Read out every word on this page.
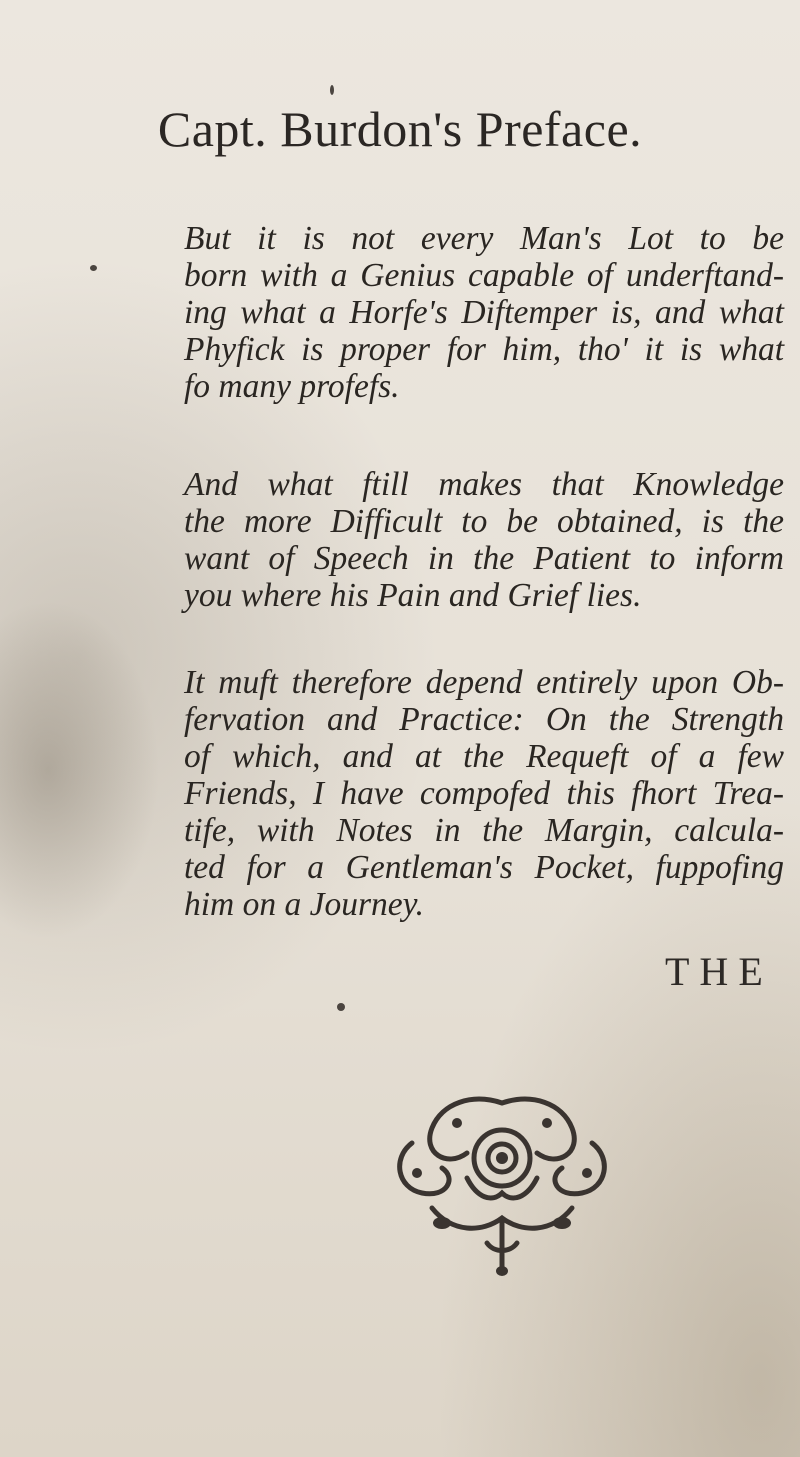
Capt. Burdon's Preface.
But it is not every Man's Lot to be
born with a Genius capable of underftand-
ing what a Horfe's Diftemper is, and what
Phyfick is proper for him, tho' it is what
fo many profefs.
And what ftill makes that Knowledge
the more Difficult to be obtained, is the
want of Speech in the Patient to inform
you where his Pain and Grief lies.
It muft therefore depend entirely upon Ob-
fervation and Practice: On the Strength
of which, and at the Requeft of a few
Friends, I have compofed this fhort Trea-
tife, with Notes in the Margin, calcula-
ted for a Gentleman's Pocket, fuppofing
him on a Journey.
THE
